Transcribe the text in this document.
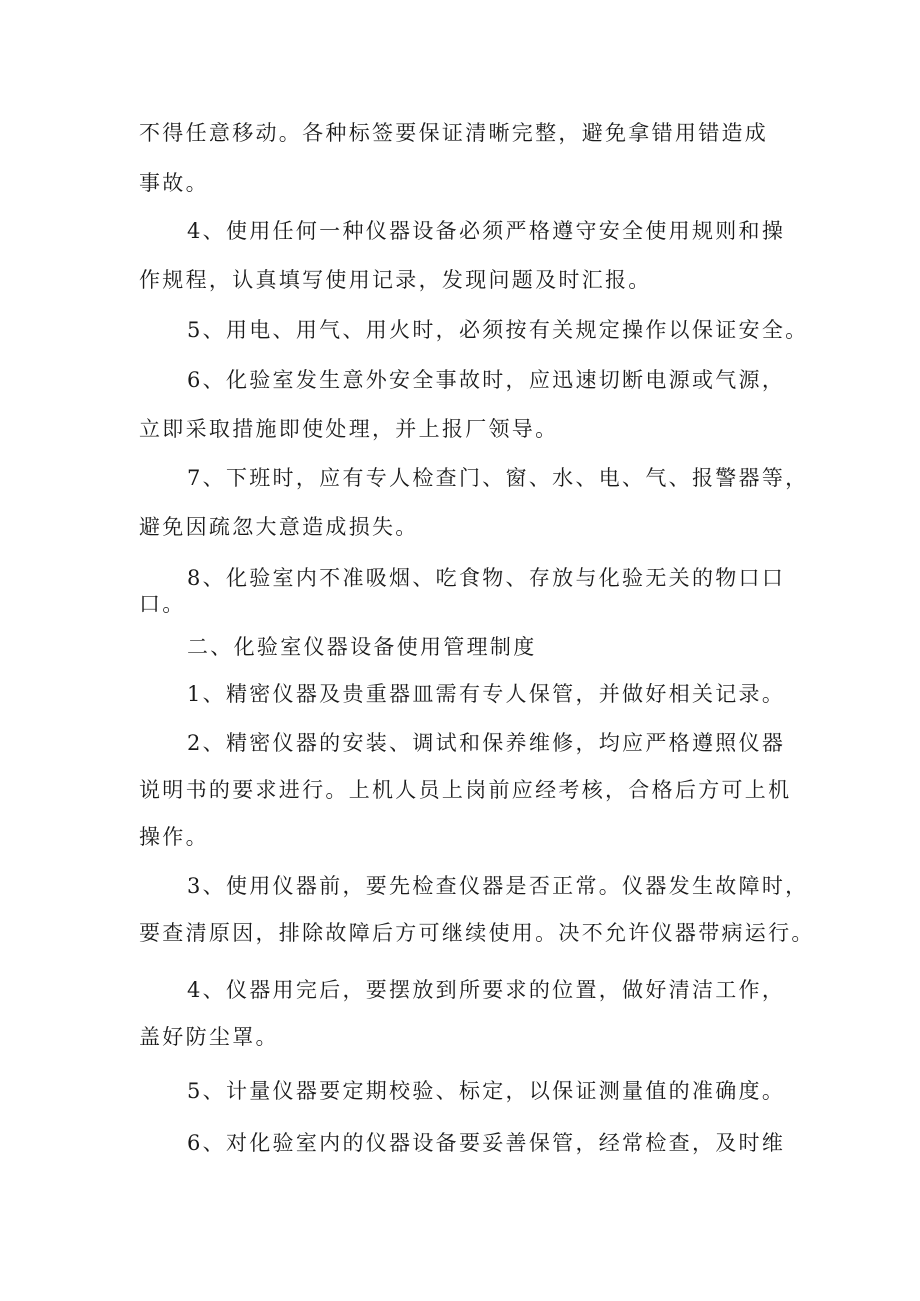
不得任意移动。各种标签要保证清晰完整，避免拿错用错造成
事故。
4、使用任何一种仪器设备必须严格遵守安全使用规则和操
作规程，认真填写使用记录，发现问题及时汇报。
5、用电、用气、用火时，必须按有关规定操作以保证安全。
6、化验室发生意外安全事故时，应迅速切断电源或气源，
立即采取措施即使处理，并上报厂领导。
7、下班时，应有专人检查门、窗、水、电、气、报警器等，
避免因疏忽大意造成损失。
8、化验室内不准吸烟、吃食物、存放与化验无关的物口口
口。
二、化验室仪器设备使用管理制度
1、精密仪器及贵重器皿需有专人保管，并做好相关记录。
2、精密仪器的安装、调试和保养维修，均应严格遵照仪器
说明书的要求进行。上机人员上岗前应经考核，合格后方可上机
操作。
3、使用仪器前，要先检查仪器是否正常。仪器发生故障时，
要查清原因，排除故障后方可继续使用。决不允许仪器带病运行。
4、仪器用完后，要摆放到所要求的位置，做好清洁工作，
盖好防尘罩。
5、计量仪器要定期校验、标定，以保证测量值的准确度。
6、对化验室内的仪器设备要妥善保管，经常检查，及时维
